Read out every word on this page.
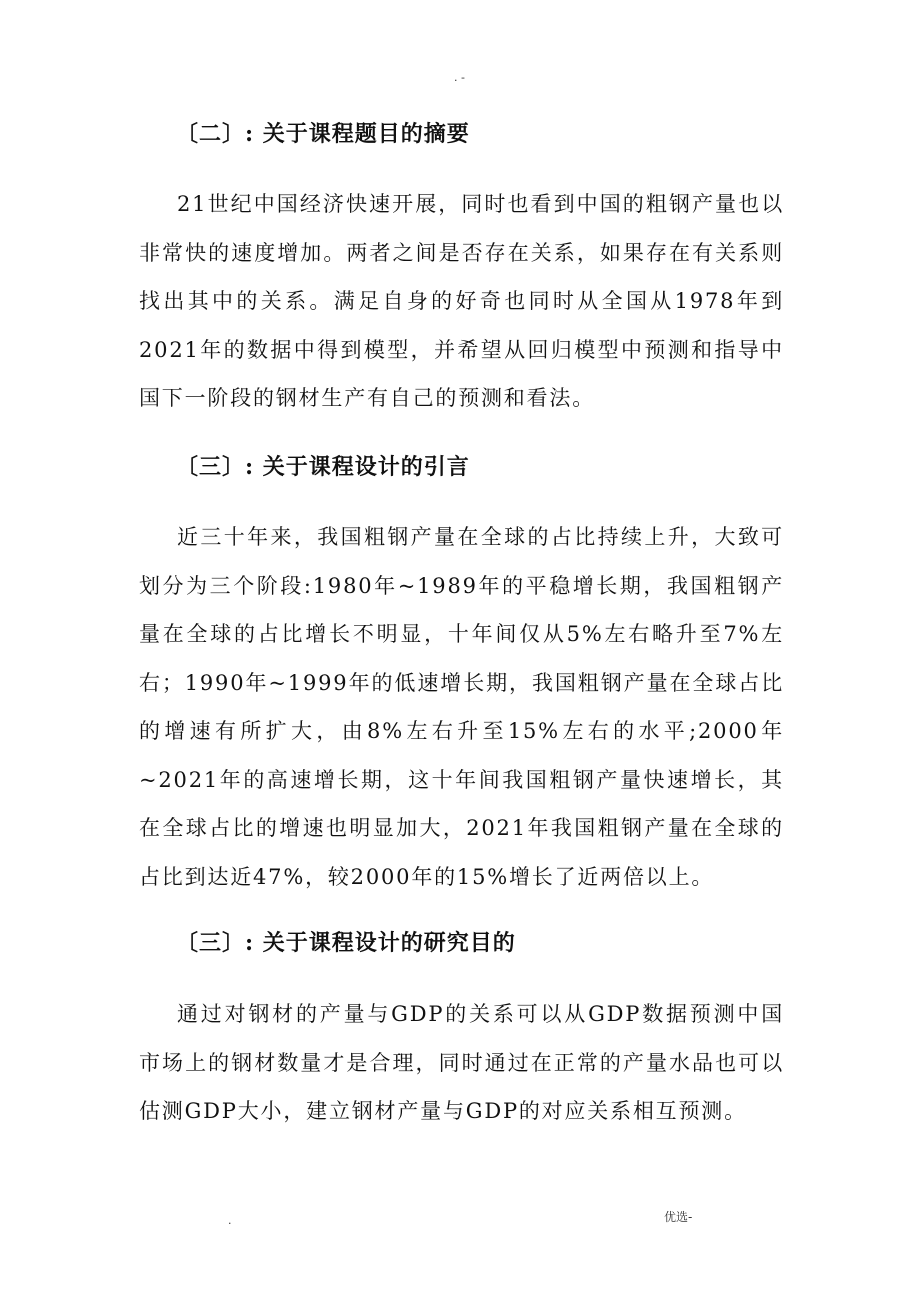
. -
〔二〕: 关于课程题目的摘要

21世纪中国经济快速开展，同时也看到中国的粗钢产量也以非常快的速度增加。两者之间是否存在关系，如果存在有关系则找出其中的关系。满足自身的好奇也同时从全国从1978年到2021年的数据中得到模型，并希望从回归模型中预测和指导中国下一阶段的钢材生产有自己的预测和看法。

〔三〕: 关于课程设计的引言

近三十年来，我国粗钢产量在全球的占比持续上升，大致可划分为三个阶段:1980年~1989年的平稳增长期，我国粗钢产量在全球的占比增长不明显，十年间仅从5%左右略升至7%左右；1990年~1999年的低速增长期，我国粗钢产量在全球占比的增速有所扩大，由8%左右升至15%左右的水平;2000年~2021年的高速增长期，这十年间我国粗钢产量快速增长，其在全球占比的增速也明显加大，2021年我国粗钢产量在全球的占比到达近47%，较2000年的15%增长了近两倍以上。

〔三〕: 关于课程设计的研究目的

通过对钢材的产量与GDP的关系可以从GDP数据预测中国市场上的钢材数量才是合理，同时通过在正常的产量水品也可以估测GDP大小，建立钢材产量与GDP的对应关系相互预测。

.	优选-
